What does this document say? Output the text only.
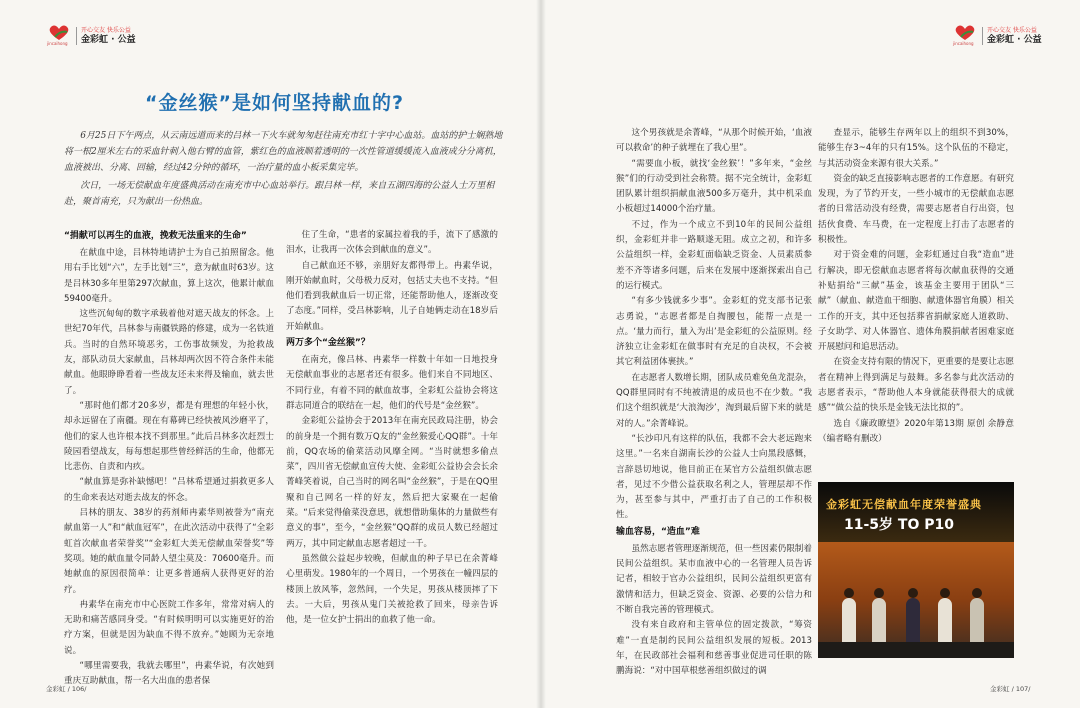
jincaihong
开心交友 快乐公益
金彩虹 · 公益
“金丝猴”是如何坚持献血的?

6月25日下午两点，从云南远道而来的吕林一下火车就匆匆赶往南充市红十字中心血站。血站的护士娴熟地将一根2厘米左右的采血针刺入他右臂的血管，紫红色的血液顺着透明的一次性管道缓缓流入血液成分分离机，血液被出、分离、回输，经过42分钟的循环，一治疗量的血小板采集完毕。

次日，一场无偿献血年度盛典活动在南充市中心血站举行。跟吕林一样，来自五湖四海的公益人士万里相赴，聚首南充，只为献出一份热血。

“捐献可以再生的血液，挽救无法重来的生命”

在献血中途，吕林特地请护士为自己拍照留念。他用右手比划“六”，左手比划“三”，意为献血时63岁。这是吕林30多年里第297次献血，算上这次，他累计献血59400毫升。

这些沉甸甸的数字承载着他对遮天战友的怀念。上世纪70年代，吕林参与南疆铁路的修建，成为一名铁道兵。当时的自然环境恶劣，工伤事故频发，为抢救战友，部队动员大家献血，吕林却两次因不符合条件未能献血。他眼睁睁看着一些战友还未来得及输血，就去世了。

“那时他们都才20多岁，都是有理想的年轻小伙，却永远留在了南疆。现在有幕碑已经快被风沙磨平了，他们的家人也许根本找不到那里。”此后吕林多次赶烈士陵园看望战友，每每想起那些曾经鲜活的生命，他都无比悲伤、自责和内疚。

“献血算是弥补缺憾吧！”吕林希望通过捐救更多人的生命来表达对逝去战友的怀念。

吕林的朋友、38岁的药剂师冉素华则被誉为“南充献血第一人”和“献血冠军”，在此次活动中获得了“全彩虹首次献血者荣誉奖”“金彩虹大美无偿献血荣誉奖”等奖项。她的献血量令同龄人望尘莫及：70600毫升。而她献血的原因很简单：让更多普通病人获得更好的治疗。

冉素华在南充市中心医院工作多年，常常对病人的无助和痛苦感同身受。“有时候明明可以实施更好的治疗方案，但就是因为缺血不得不放弃。”她顾为无奈地说。

“哪里需要我，我就去哪里”，冉素华说，有次她到重庆互助献血，帮一名大出血的患者保

住了生命，“患者的家属拉着我的手，流下了感激的泪水，让我再一次体会到献血的意义”。

自己献血还不够，亲朋好友都得带上。冉素华说，刚开始献血时，父母极力反对，包括丈夫也不支持。“但他们看到我献血后一切正常，还能帮助他人，逐渐改变了态度。”同样，受吕林影响，儿子自她俩走动在18岁后开始献血。

两万多个“金丝猴”？

在南充，像吕林、冉素华一样数十年如一日地投身无偿献血事业的志愿者还有很多。他们来自不同地区、不同行业，有着不同的献血故事，全彩虹公益协会将这群志同道合的联结在一起，他们的代号是“金丝猴”。

金彩虹公益协会于2013年在南充民政局注册，协会的前身是一个拥有数万Q友的“金丝猴爱心QQ群”。十年前，QQ农场的偷菜活动风靡全网。“当时就想多偷点菜”，四川省无偿献血宣传大使、金彩虹公益协会会长余菁峰笑着说，自己当时的网名叫“金丝猴”，于是在QQ里聚和自己网名一样的好友，然后把大家聚在一起偷菜。“后来觉得偷菜没意思，就想借助集体的力量做些有意义的事”，至今，“金丝猴”QQ群的成员人数已经超过两万，其中同定献血志愿者超过一千。

虽然做公益起步较晚，但献血的种子早已在余菁峰心里萌发。1980年的一个周日，一个男孩在一幢四层的楼顶上放风筝，忽然间，一个失足，男孩从楼顶摔了下去。一大后，男孩从鬼门关被抢救了回来，母亲告诉他，是一位女护士捐出的血救了他一命。

金彩虹 / 106/
jincaihong
开心交友 快乐公益
金彩虹 · 公益
金彩虹 / 107/

这个男孩就是余菁峰，“从那个时候开始，‘血液可以救命’的种子就埋在了我心里”。

“需要血小板，就找‘金丝猴’！”多年来，“金丝猴”们的行动受到社会称赞。据不完全统计，金彩虹团队累计组织捐献血液500多万毫升，其中机采血小板超过14000个治疗量。

不过，作为一个成立不到10年的民间公益组织，金彩虹并非一路顺遂无阻。成立之初，和许多公益组织一样，金彩虹面临缺乏资金、人员素质参差不齐等诸多问题，后来在发展中逐渐探索出自己的运行模式。

“有多少钱就多少事”。金彩虹的党支部书记张志勇说，“志愿者都是自掏腰包，能帮一点是一点。‘量力而行，量入为出’是金彩虹的公益原则。经济独立让金彩虹在做事时有充足的自决权，不会被其它利益团体裹挟。”

在志愿者人数增长期，团队成员难免鱼龙混杂，QQ群里同时有不纯被清退的成员也不在少数。“我们这个组织就是‘大浪淘沙’，淘到最后留下来的就是对的人。”余菁峰说。

“长沙印凡有这样的队伍，我都不会大老远跑来这里。”一名来自湖南长沙的公益人士向黑段感慨，言辞恳切地说，他目前正在某官方公益组织做志愿者，见过不少借公益获取名利之人，管理层却不作为，甚至参与其中，严重打击了自己的工作积极性。

输血容易，“造血”难

虽然志愿者管理逐渐规范，但一些因素仍限制着民间公益组织。某市血液中心的一名管理人员告诉记者，相较于官办公益组织，民间公益组织更富有激情和活力，但缺乏资金、资源、必要的公信力和不断自我完善的管理模式。

没有来自政府和主管单位的固定拨款，“筹资难”一直是制约民间公益组织发展的短板。2013年，在民政部社会福利和慈善事业促进司任职的陈鹏海说：“对中国草根慈善组织做过的调

查显示，能够生存两年以上的组织不到30%，能够生存3~4年的只有15%。这个队伍的不稳定，与其活动资金来源有很大关系。”

资金的缺乏直接影响志愿者的工作意愿。有研究发现，为了节约开支，一些小城市的无偿献血志愿者的日常活动没有经费，需要志愿者自行出资，包括伙食费、车马费，在一定程度上打击了志愿者的积极性。

对于资金难的问题，金彩虹通过自我“造血”进行解决，即无偿献血志愿者将每次献血获得的交通补贴捐给“三献”基金，该基金主要用于团队“三献”（献血、献造血干细胞、献遗体器官角膜）相关工作的开支，其中还包括葬省捐献家庭人道救助、子女助学、对人体器官、遗体角膜捐献者困难家庭开展慰问和追思活动。

在资金支持有限的情况下，更重要的是要让志愿者在精神上得到满足与鼓舞。多名参与此次活动的志愿者表示，“帮助他人本身就能获得很大的成就感”“做公益的快乐是金钱无法比拟的”。

选自《廉政瞭望》2020年第13期 原创 余静意（编者略有删改）

金彩虹无偿献血年度荣誉盛典
11-5岁 TO P10
